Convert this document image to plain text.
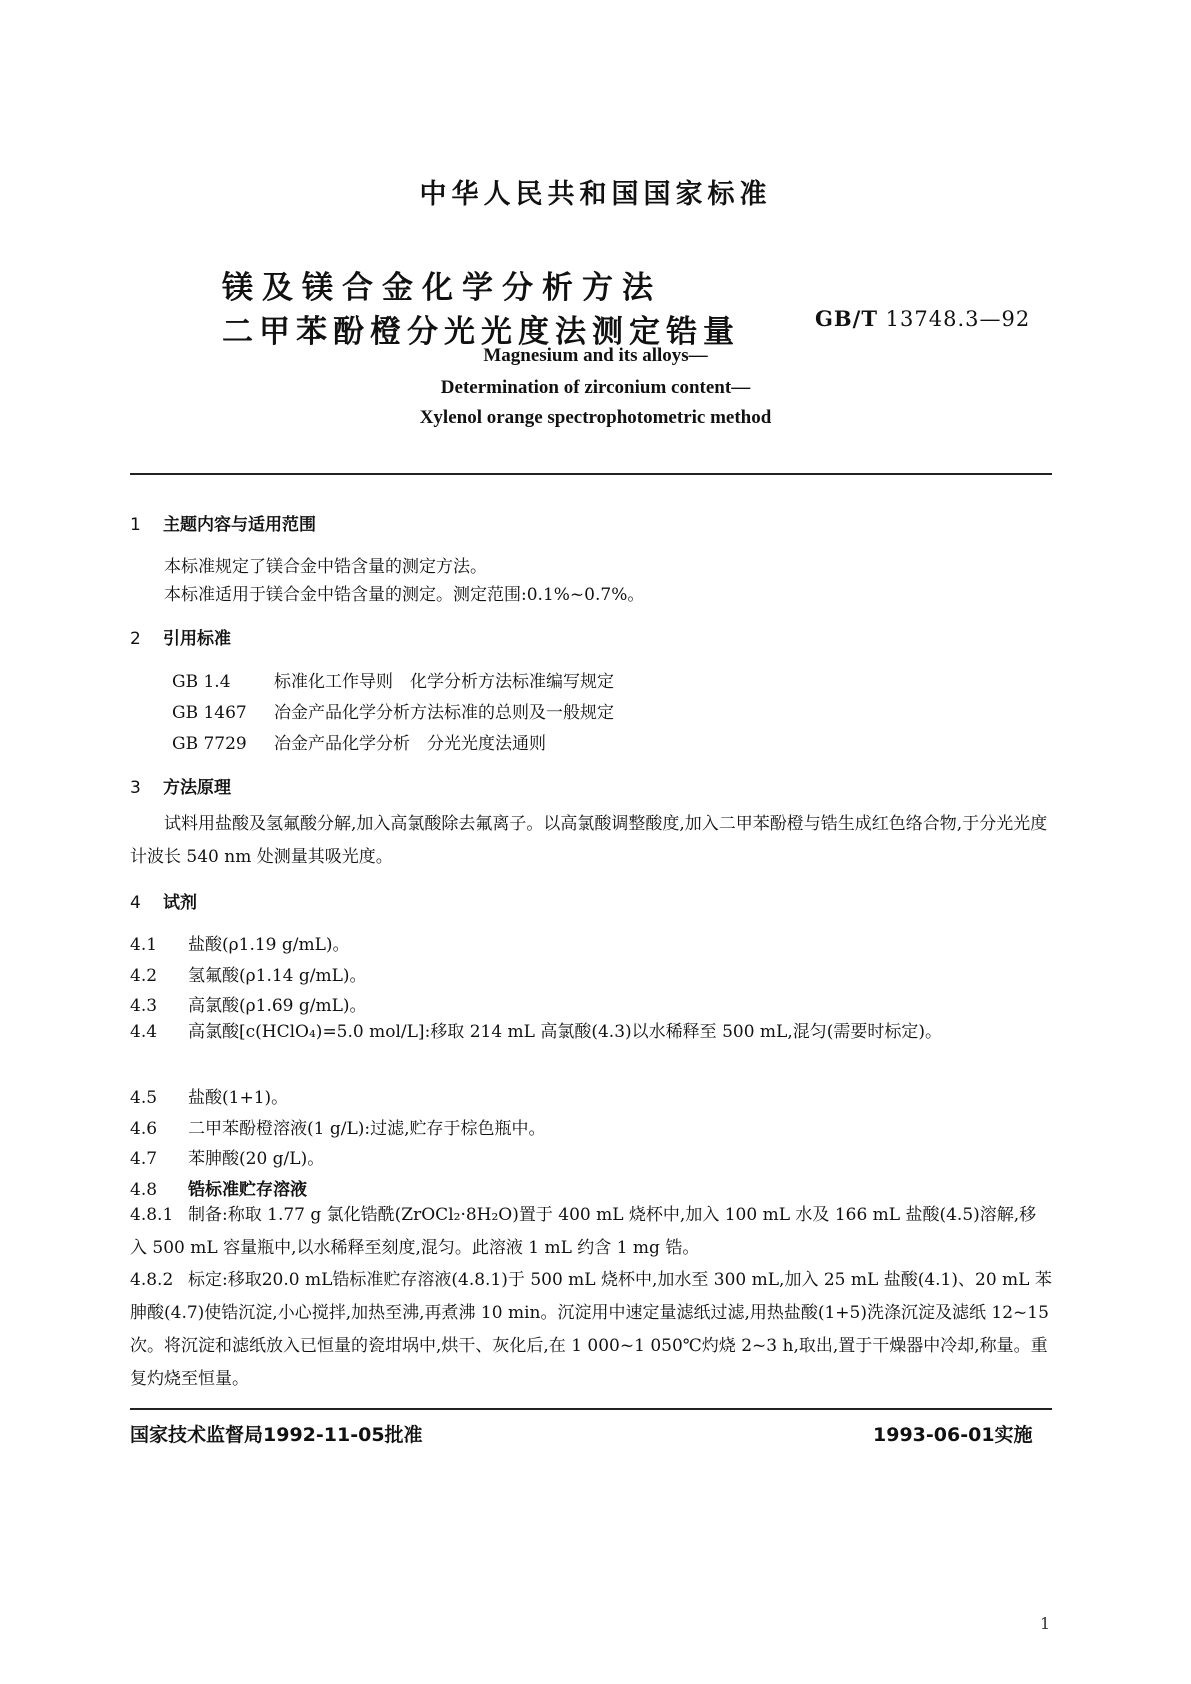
中华人民共和国国家标准
镁及镁合金化学分析方法
二甲苯酚橙分光光度法测定锆量	GB/T 13748.3—92
Magnesium and its alloys—
Determination of zirconium content—
Xylenol orange spectrophotometric method
1 主题内容与适用范围
本标准规定了镁合金中锆含量的测定方法。
本标准适用于镁合金中锆含量的测定。测定范围:0.1%~0.7%。
2 引用标准
GB 1.4	标准化工作导则　化学分析方法标准编写规定
GB 1467 冶金产品化学分析方法标准的总则及一般规定
GB 7729 冶金产品化学分析　分光光度法通则
3 方法原理
试料用盐酸及氢氟酸分解,加入高氯酸除去氟离子。以高氯酸调整酸度,加入二甲苯酚橙与锆生成红色络合物,于分光光度计波长 540 nm 处测量其吸光度。
4 试剂
4.1 盐酸(ρ1.19 g/mL)。
4.2 氢氟酸(ρ1.14 g/mL)。
4.3 高氯酸(ρ1.69 g/mL)。
4.4 高氯酸[c(HClO₄)=5.0 mol/L]:移取 214 mL 高氯酸(4.3)以水稀释至 500 mL,混匀(需要时标定)。
4.5 盐酸(1+1)。
4.6 二甲苯酚橙溶液(1 g/L):过滤,贮存于棕色瓶中。
4.7 苯胂酸(20 g/L)。
4.8 锆标准贮存溶液
4.8.1 制备:称取 1.77 g 氯化锆酰(ZrOCl₂·8H₂O)置于 400 mL 烧杯中,加入 100 mL 水及 166 mL 盐酸(4.5)溶解,移入 500 mL 容量瓶中,以水稀释至刻度,混匀。此溶液 1 mL 约含 1 mg 锆。
4.8.2 标定:移取20.0 mL锆标准贮存溶液(4.8.1)于 500 mL 烧杯中,加水至 300 mL,加入 25 mL 盐酸(4.1)、20 mL 苯胂酸(4.7)使锆沉淀,小心搅拌,加热至沸,再煮沸 10 min。沉淀用中速定量滤纸过滤,用热盐酸(1+5)洗涤沉淀及滤纸 12~15 次。将沉淀和滤纸放入已恒量的瓷坩埚中,烘干、灰化后,在 1 000~1 050℃灼烧 2~3 h,取出,置于干燥器中冷却,称量。重复灼烧至恒量。
国家技术监督局1992-11-05批准	1993-06-01实施
1
